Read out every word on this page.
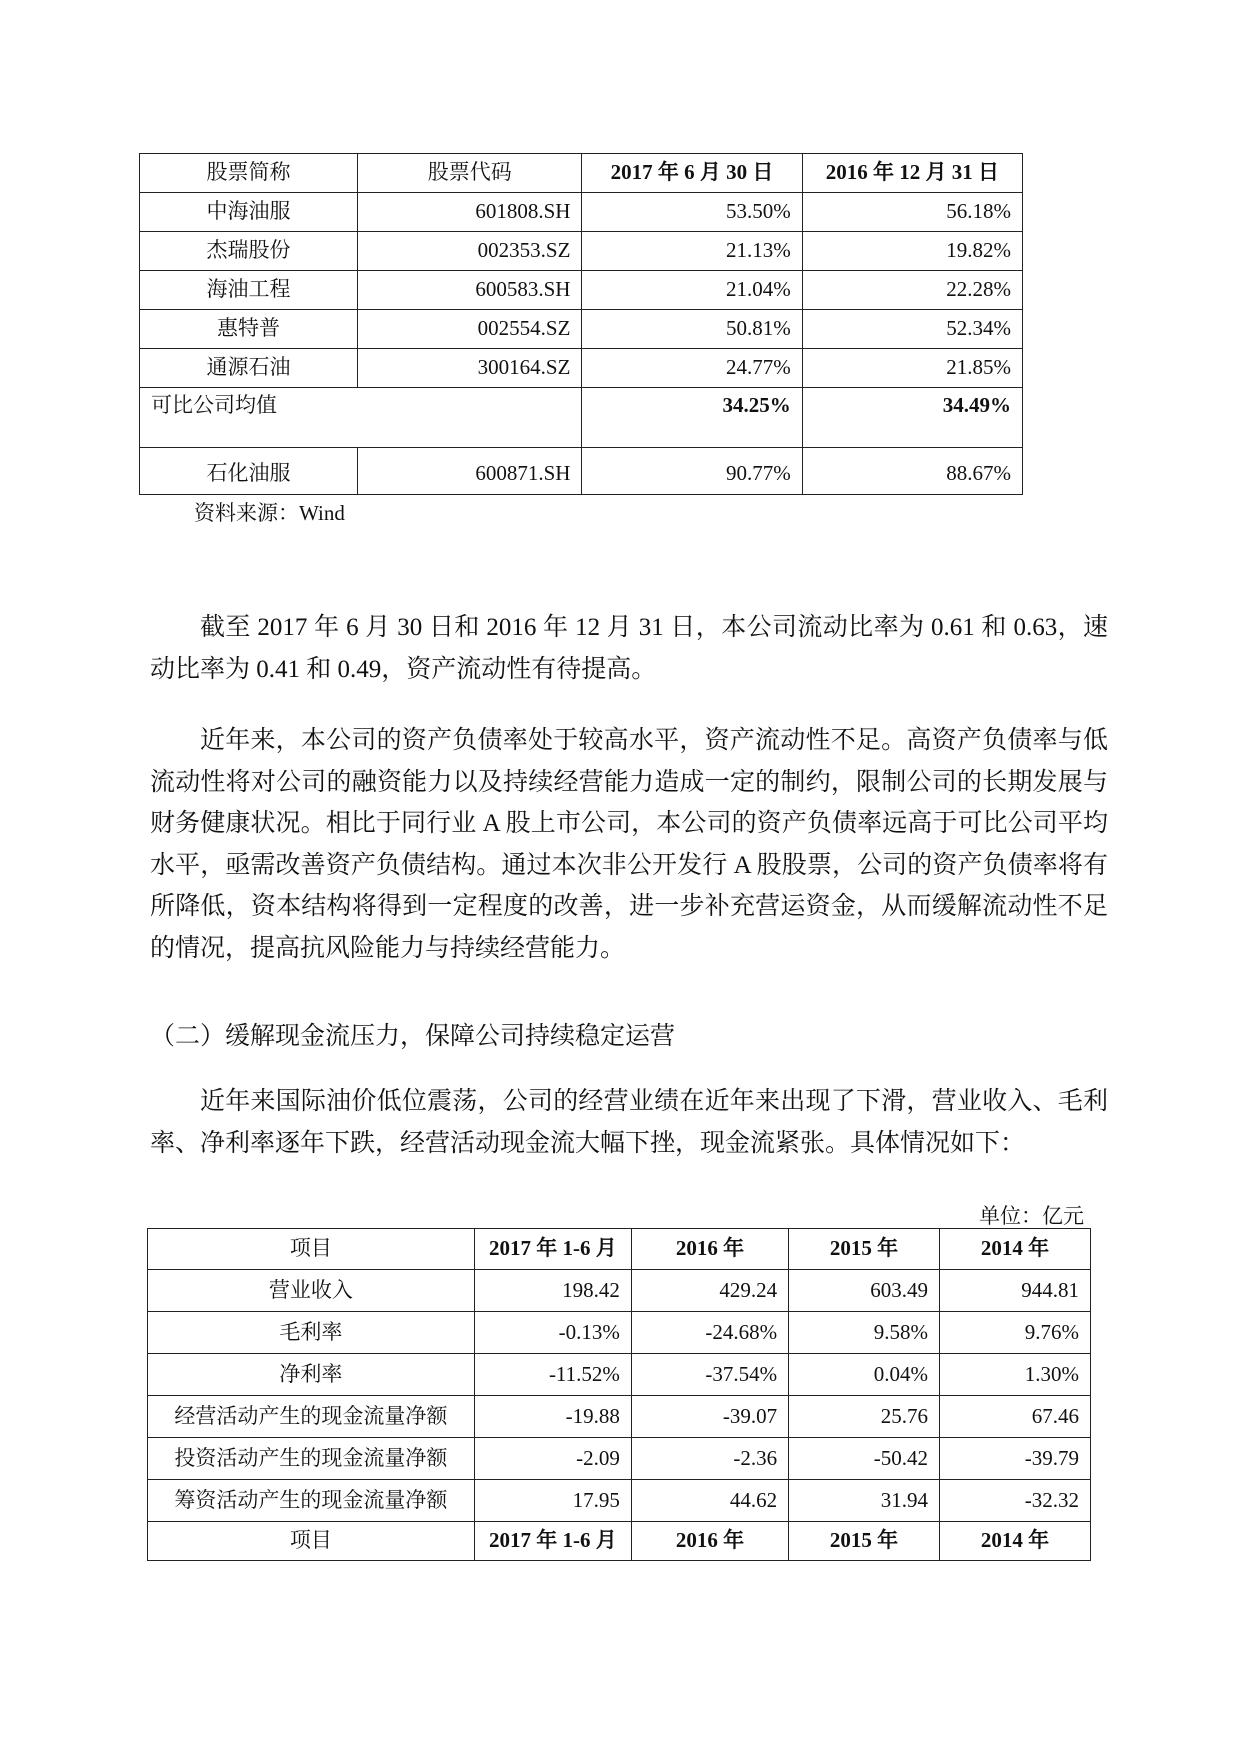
股票简称	股票代码	2017 年 6 月 30 日	2016 年 12 月 31 日
中海油服	601808.SH	53.50%	56.18%
杰瑞股份	002353.SZ	21.13%	19.82%
海油工程	600583.SH	21.04%	22.28%
惠特普	002554.SZ	50.81%	52.34%
通源石油	300164.SZ	24.77%	21.85%
可比公司均值		34.25%	34.49%
石化油服	600871.SH	90.77%	88.67%
资料来源：Wind

截至 2017 年 6 月 30 日和 2016 年 12 月 31 日，本公司流动比率为 0.61 和 0.63，速动比率为 0.41 和 0.49，资产流动性有待提高。

近年来，本公司的资产负债率处于较高水平，资产流动性不足。高资产负债率与低流动性将对公司的融资能力以及持续经营能力造成一定的制约，限制公司的长期发展与财务健康状况。相比于同行业 A 股上市公司，本公司的资产负债率远高于可比公司平均水平，亟需改善资产负债结构。通过本次非公开发行 A 股股票，公司的资产负债率将有所降低，资本结构将得到一定程度的改善，进一步补充营运资金，从而缓解流动性不足的情况，提高抗风险能力与持续经营能力。

（二）缓解现金流压力，保障公司持续稳定运营

近年来国际油价低位震荡，公司的经营业绩在近年来出现了下滑，营业收入、毛利率、净利率逐年下跌，经营活动现金流大幅下挫，现金流紧张。具体情况如下：

单位：亿元
项目	2017 年 1-6 月	2016 年	2015 年	2014 年
营业收入	198.42	429.24	603.49	944.81
毛利率	-0.13%	-24.68%	9.58%	9.76%
净利率	-11.52%	-37.54%	0.04%	1.30%
经营活动产生的现金流量净额	-19.88	-39.07	25.76	67.46
投资活动产生的现金流量净额	-2.09	-2.36	-50.42	-39.79
筹资活动产生的现金流量净额	17.95	44.62	31.94	-32.32
项目	2017 年 1-6 月	2016 年	2015 年	2014 年
